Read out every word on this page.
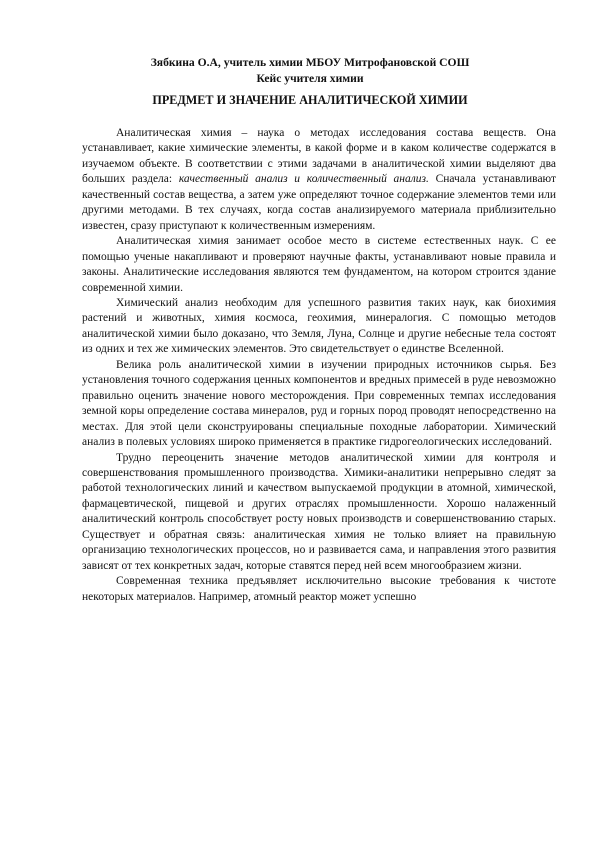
Зябкина О.А, учитель химии МБОУ Митрофановской СОШ
Кейс учителя химии
ПРЕДМЕТ И ЗНАЧЕНИЕ АНАЛИТИЧЕСКОЙ ХИМИИ

Аналитическая химия – наука о методах исследования состава веществ. Она устанавливает, какие химические элементы, в какой форме и в каком количестве содержатся в изучаемом объекте. В соответствии с этими задачами в аналитической химии выделяют два больших раздела: качественный анализ и количественный анализ. Сначала устанавливают качественный состав вещества, а затем уже определяют точное содержание элементов теми или другими методами. В тех случаях, когда состав анализируемого материала приблизительно известен, сразу приступают к количественным измерениям.

Аналитическая химия занимает особое место в системе естественных наук. С ее помощью ученые накапливают и проверяют научные факты, устанавливают новые правила и законы. Аналитические исследования являются тем фундаментом, на котором строится здание современной химии.

Химический анализ необходим для успешного развития таких наук, как биохимия растений и животных, химия космоса, геохимия, минералогия. С помощью методов аналитической химии было доказано, что Земля, Луна, Солнце и другие небесные тела состоят из одних и тех же химических элементов. Это свидетельствует о единстве Вселенной.

Велика роль аналитической химии в изучении природных источников сырья. Без установления точного содержания ценных компонентов и вредных примесей в руде невозможно правильно оценить значение нового месторождения. При современных темпах исследования земной коры определение состава минералов, руд и горных пород проводят непосредственно на местах. Для этой цели сконструированы специальные походные лаборатории. Химический анализ в полевых условиях широко применяется в практике гидрогеологических исследований.

Трудно переоценить значение методов аналитической химии для контроля и совершенствования промышленного производства. Химики-аналитики непрерывно следят за работой технологических линий и качеством выпускаемой продукции в атомной, химической, фармацевтической, пищевой и других отраслях промышленности. Хорошо налаженный аналитический контроль способствует росту новых производств и совершенствованию старых. Существует и обратная связь: аналитическая химия не только влияет на правильную организацию технологических процессов, но и развивается сама, и направления этого развития зависят от тех конкретных задач, которые ставятся перед ней всем многообразием жизни.

Современная техника предъявляет исключительно высокие требования к чистоте некоторых материалов. Например, атомный реактор может успешно
